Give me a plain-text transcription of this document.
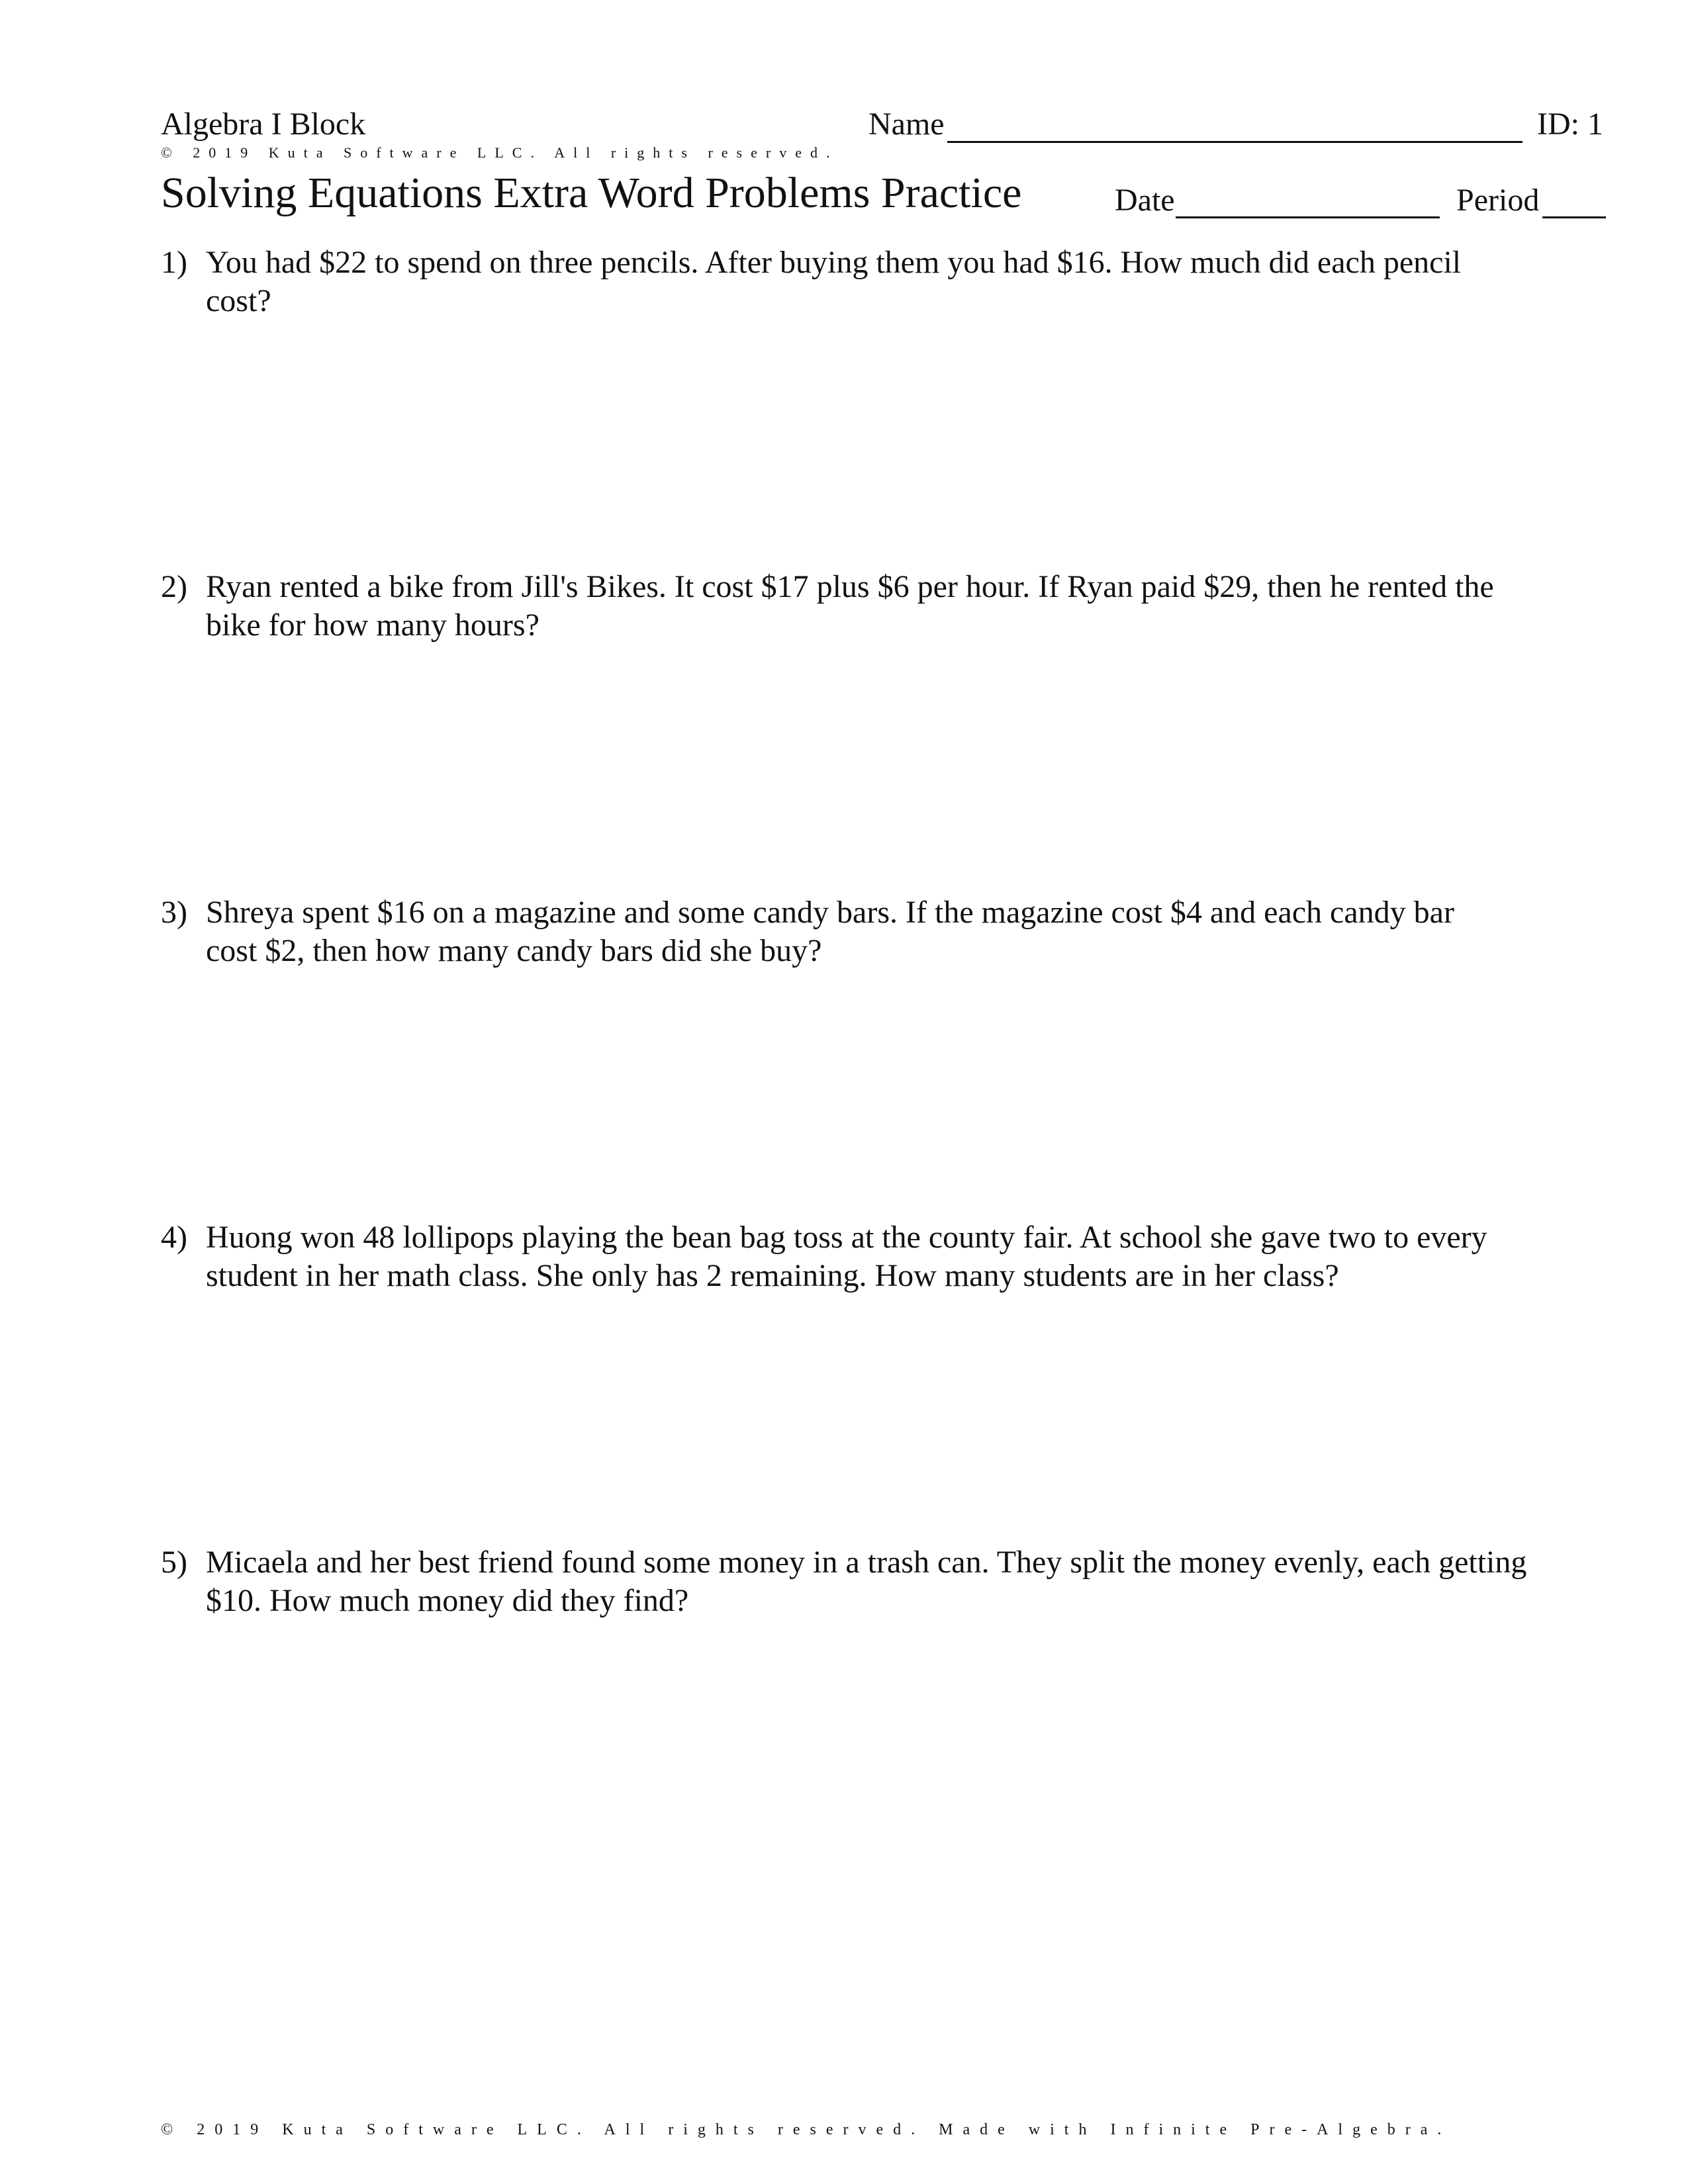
Algebra I Block	Name	ID: 1
© 2019 Kuta Software LLC. All rights reserved.
Solving Equations Extra Word Problems Practice	Date	Period
1) You had $22 to spend on three pencils. After buying them you had $16. How much did each pencil cost?
2) Ryan rented a bike from Jill's Bikes. It cost $17 plus $6 per hour. If Ryan paid $29, then he rented the bike for how many hours?
3) Shreya spent $16 on a magazine and some candy bars. If the magazine cost $4 and each candy bar cost $2, then how many candy bars did she buy?
4) Huong won 48 lollipops playing the bean bag toss at the county fair. At school she gave two to every student in her math class. She only has 2 remaining. How many students are in her class?
5) Micaela and her best friend found some money in a trash can. They split the money evenly, each getting $10. How much money did they find?
© 2019 Kuta Software LLC. All rights reserved. Made with Infinite Pre-Algebra.
